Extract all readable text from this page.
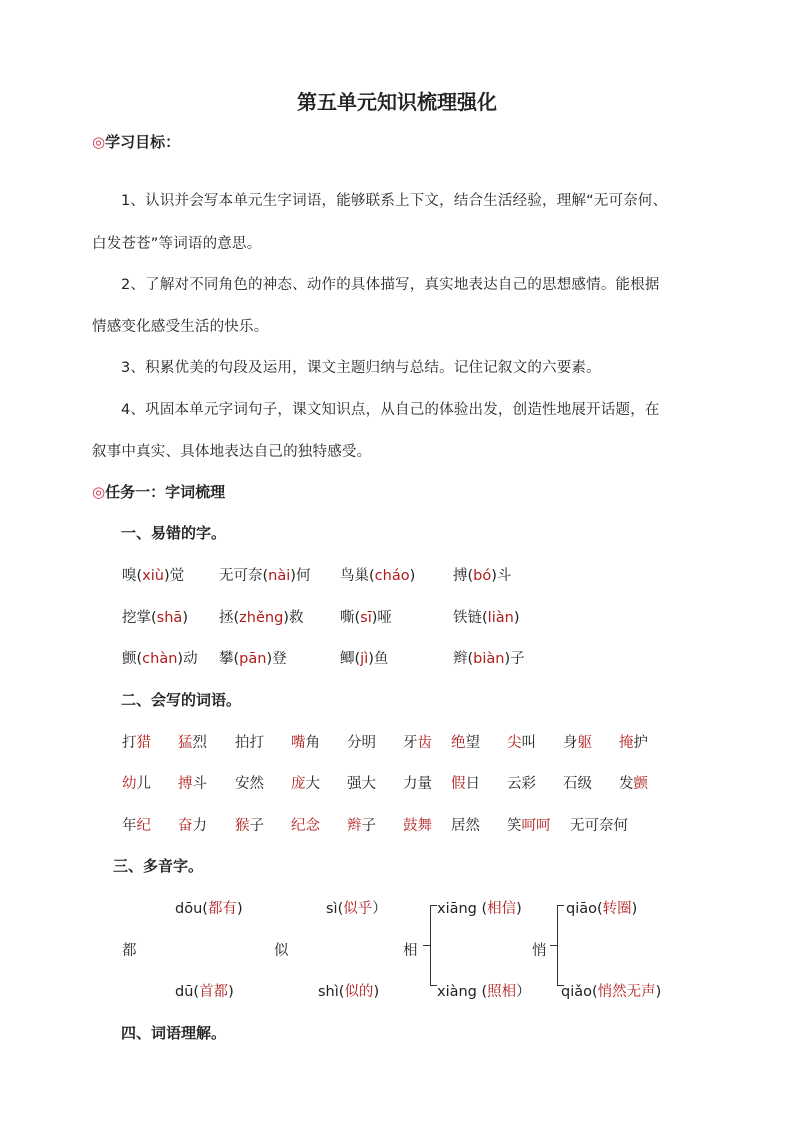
第五单元知识梳理强化
◎学习目标：
1、认识并会写本单元生字词语，能够联系上下文，结合生活经验，理解“无可奈何、
白发苍苍”等词语的意思。
2、了解对不同角色的神态、动作的具体描写，真实地表达自己的思想感情。能根据
情感变化感受生活的快乐。
3、积累优美的句段及运用，课文主题归纳与总结。记住记叙文的六要素。
4、巩固本单元字词句子，课文知识点，从自己的体验出发，创造性地展开话题，在
叙事中真实、具体地表达自己的独特感受。
◎任务一：字词梳理
一、易错的字。
嗅(xiù)觉 无可奈(nài)何 鸟巢(cháo)	搏(bó)斗
挖掌(shā) 拯(zhěng)救	嘶(sī)哑	铁链(liàn)
颤(chàn)动 攀(pān)登	鲫(jì)鱼	辫(biàn)子
二、会写的词语。
打猎 猛烈 拍打 嘴角 分明 牙齿 绝望 尖叫 身躯 掩护
幼儿 搏斗 安然 庞大 强大 力量 假日 云彩 石级 发颤
年纪 奋力 猴子 纪念 辫子 鼓舞 居然 笑呵呵 无可奈何
三、多音字。
dōu(都有)
都
dū(首都)
sì(似乎）
似
shì(似的)
相
xiāng (相信)
xiàng (照相）
悄
qiāo(转圈)
qiǎo(悄然无声)
四、词语理解。
